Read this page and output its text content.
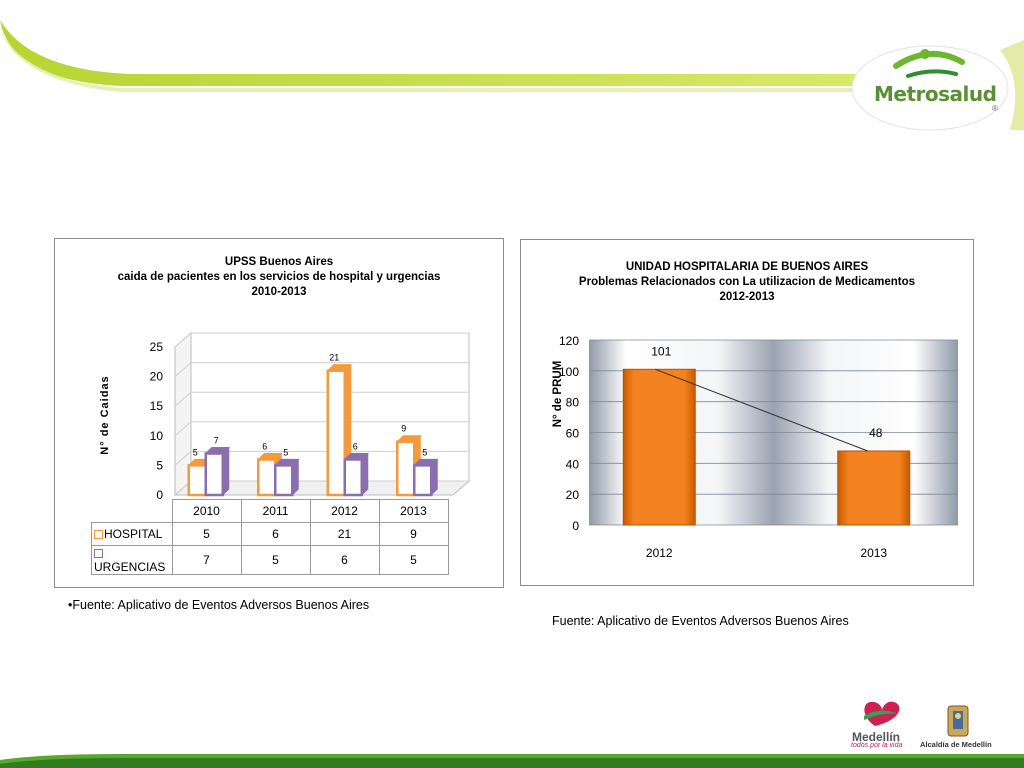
Metrosalud
®
UPSS Buenos Aires
caida de pacientes en los servicios de hospital y urgencias
2010-2013
N° de Caidas
0
5
10
15
20
25
5
7
6
5
21
6
9
5
	2010	2011	2012	2013
HOSPITAL	5	6	21	9
URGENCIAS	7	5	6	5
UNIDAD HOSPITALARIA DE BUENOS AIRES
Problemas Relacionados con La utilizacion de Medicamentos
2012-2013
N° de PRUM
0
20
40
60
80
100
120
101
2012
48
2013
•Fuente: Aplicativo de Eventos Adversos Buenos Aires
Fuente: Aplicativo de Eventos Adversos Buenos Aires
Medellín
todos por la vida Alcaldía de Medellín
